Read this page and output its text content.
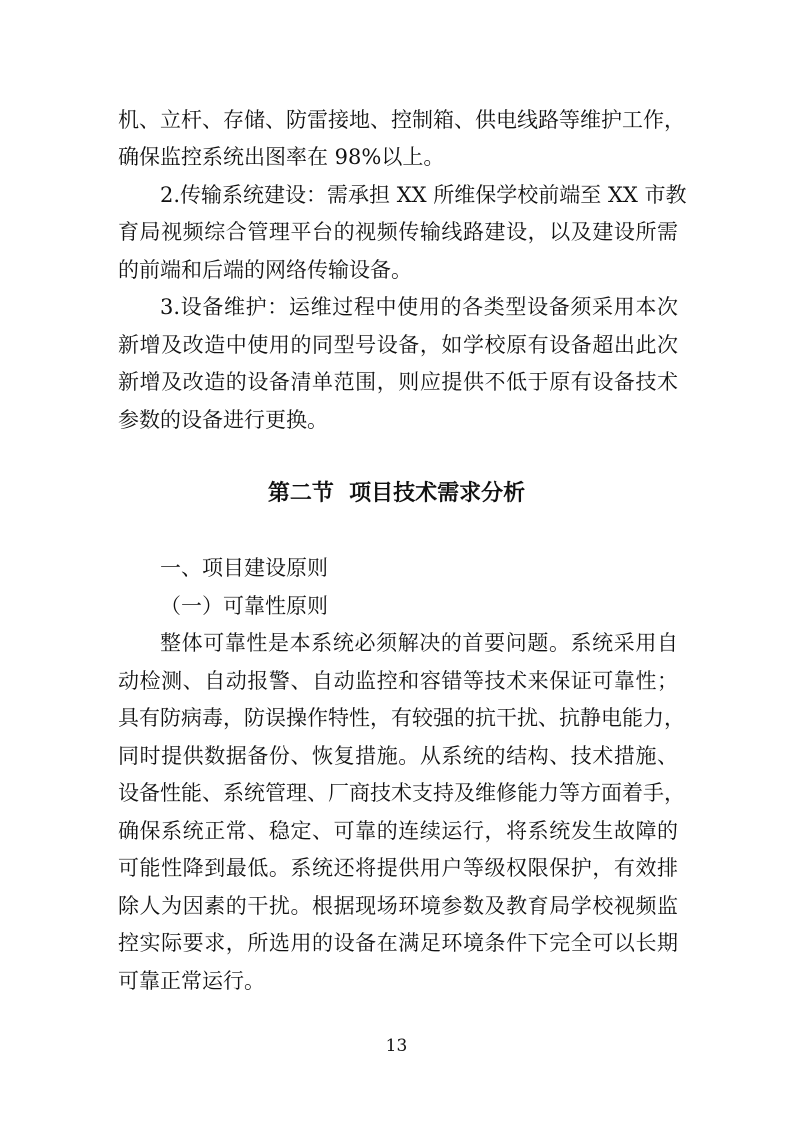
机、立杆、存储、防雷接地、控制箱、供电线路等维护工作，
确保监控系统出图率在 98%以上。
2.传输系统建设：需承担 XX 所维保学校前端至 XX 市教
育局视频综合管理平台的视频传输线路建设，以及建设所需
的前端和后端的网络传输设备。
3.设备维护：运维过程中使用的各类型设备须采用本次
新增及改造中使用的同型号设备，如学校原有设备超出此次
新增及改造的设备清单范围，则应提供不低于原有设备技术
参数的设备进行更换。
第二节  项目技术需求分析
一、项目建设原则
（一）可靠性原则
整体可靠性是本系统必须解决的首要问题。系统采用自
动检测、自动报警、自动监控和容错等技术来保证可靠性；
具有防病毒，防误操作特性，有较强的抗干扰、抗静电能力，
同时提供数据备份、恢复措施。从系统的结构、技术措施、
设备性能、系统管理、厂商技术支持及维修能力等方面着手，
确保系统正常、稳定、可靠的连续运行，将系统发生故障的
可能性降到最低。系统还将提供用户等级权限保护，有效排
除人为因素的干扰。根据现场环境参数及教育局学校视频监
控实际要求，所选用的设备在满足环境条件下完全可以长期
可靠正常运行。
13
